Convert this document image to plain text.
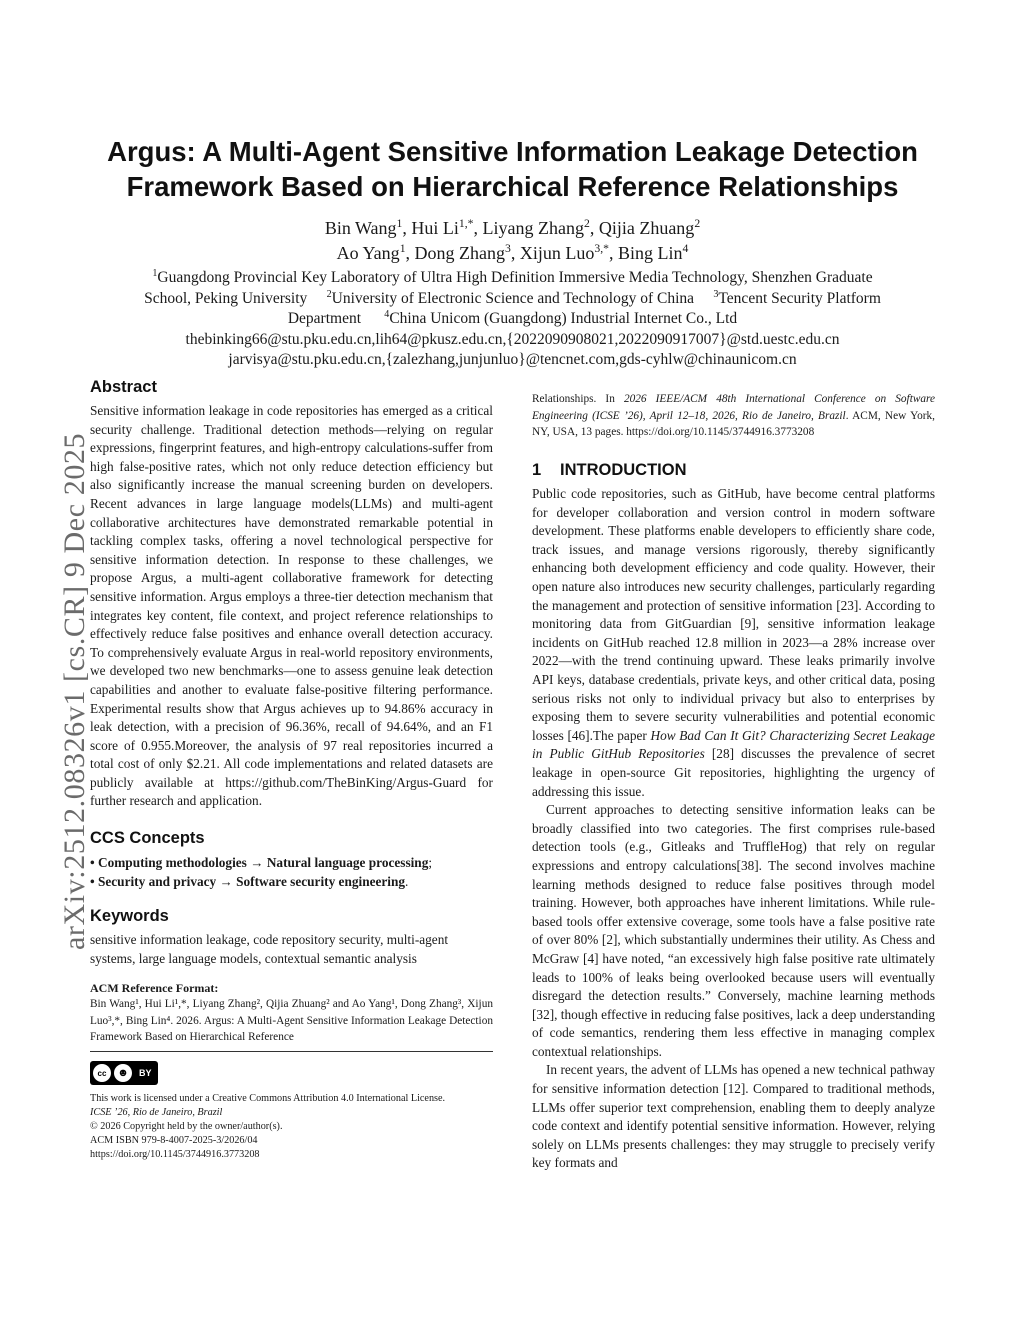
arXiv:2512.08326v1 [cs.CR] 9 Dec 2025
Argus: A Multi-Agent Sensitive Information Leakage Detection
Framework Based on Hierarchical Reference Relationships
Bin Wang$^1$, Hui $Li^{1,*}$, Liyang Zhang$^2$, Qijia Zhuang$^2$
Ao Yang$^1$, Dong Zhang$^3$, Xijun Luo$^{3,*}$, Bing Lin$^4$
$^1$Guangdong Provincial Key Laboratory of Ultra High Definition Immersive Media Technology, Shenzhen Graduate
School, Peking University $^2$University of Electronic Science and Technology of China $^3$Tencent Security Platform
Department $^4$China Unicom (Guangdong) Industrial Internet Co., Ltd
thebinking66@stu.pku.edu.cn,lih64@pkusz.edu.cn,{2022090908021,2022090917007}@std.uestc.edu.cn
jarvisya@stu.pku.edu.cn,{zalezhang,junjunluo}@tencnet.com,gds-cyhlw@chinaunicom.cn
Abstract

Sensitive information leakage in code repositories has emerged as a critical security challenge. Traditional detection methods—relying on regular expressions, fingerprint features, and high-entropy calculations-suffer from high false-positive rates, which not only reduce detection efficiency but also significantly increase the manual screening burden on developers. Recent advances in large language models(LLMs) and multi-agent collaborative architectures have demonstrated remarkable potential in tackling complex tasks, offering a novel technological perspective for sensitive information detection. In response to these challenges, we propose Argus, a multi-agent collaborative framework for detecting sensitive information. Argus employs a three-tier detection mechanism that integrates key content, file context, and project reference relationships to effectively reduce false positives and enhance overall detection accuracy. To comprehensively evaluate Argus in real-world repository environments, we developed two new benchmarks—one to assess genuine leak detection capabilities and another to evaluate false-positive filtering performance. Experimental results show that Argus achieves up to 94.86% accuracy in leak detection, with a precision of 96.36%, recall of 94.64%, and an F1 score of 0.955.Moreover, the analysis of 97 real repositories incurred a total cost of only $2.21. All code implementations and related datasets are publicly available at https://github.com/TheBinKing/Argus-Guard for further research and application.

CCS Concepts
• Computing methodologies → Natural language processing;
• Security and privacy → Software security engineering.
Keywords

sensitive information leakage, code repository security, multi-agent systems, large language models, contextual semantic analysis

ACM Reference Format:

Bin Wang¹, Hui Li¹,*, Liyang Zhang², Qijia Zhuang² and Ao Yang¹, Dong Zhang³, Xijun Luo³,*, Bing Lin⁴. 2026. Argus: A Multi-Agent Sensitive Information Leakage Detection Framework Based on Hierarchical Reference

cc ☻	BY
This work is licensed under a Creative Commons Attribution 4.0 International License.
ICSE ’26, Rio de Janeiro, Brazil
© 2026 Copyright held by the owner/author(s).
ACM ISBN 979-8-4007-2025-3/2026/04
https://doi.org/10.1145/3744916.3773208

Relationships. In 2026 IEEE/ACM 48th International Conference on Software Engineering (ICSE ’26), April 12–18, 2026, Rio de Janeiro, Brazil. ACM, New York, NY, USA, 13 pages. https://doi.org/10.1145/3744916.3773208

1 INTRODUCTION

Public code repositories, such as GitHub, have become central platforms for developer collaboration and version control in modern software development. These platforms enable developers to efficiently share code, track issues, and manage versions rigorously, thereby significantly enhancing both development efficiency and code quality. However, their open nature also introduces new security challenges, particularly regarding the management and protection of sensitive information [23]. According to monitoring data from GitGuardian [9], sensitive information leakage incidents on GitHub reached 12.8 million in 2023—a 28% increase over 2022—with the trend continuing upward. These leaks primarily involve API keys, database credentials, private keys, and other critical data, posing serious risks not only to individual privacy but also to enterprises by exposing them to severe security vulnerabilities and potential economic losses [46].The paper How Bad Can It Git? Characterizing Secret Leakage in Public GitHub Repositories [28] discusses the prevalence of secret leakage in open-source Git repositories, highlighting the urgency of addressing this issue.

Current approaches to detecting sensitive information leaks can be broadly classified into two categories. The first comprises rule-based detection tools (e.g., Gitleaks and TruffleHog) that rely on regular expressions and entropy calculations[38]. The second involves machine learning methods designed to reduce false positives through model training. However, both approaches have inherent limitations. While rule-based tools offer extensive coverage, some tools have a false positive rate of over 80% [2], which substantially undermines their utility. As Chess and McGraw [4] have noted, “an excessively high false positive rate ultimately leads to 100% of leaks being overlooked because users will eventually disregard the detection results.” Conversely, machine learning methods [32], though effective in reducing false positives, lack a deep understanding of code semantics, rendering them less effective in managing complex contextual relationships.

In recent years, the advent of LLMs has opened a new technical pathway for sensitive information detection [12]. Compared to traditional methods, LLMs offer superior text comprehension, enabling them to deeply analyze code context and identify potential sensitive information. However, relying solely on LLMs presents challenges: they may struggle to precisely verify key formats and
